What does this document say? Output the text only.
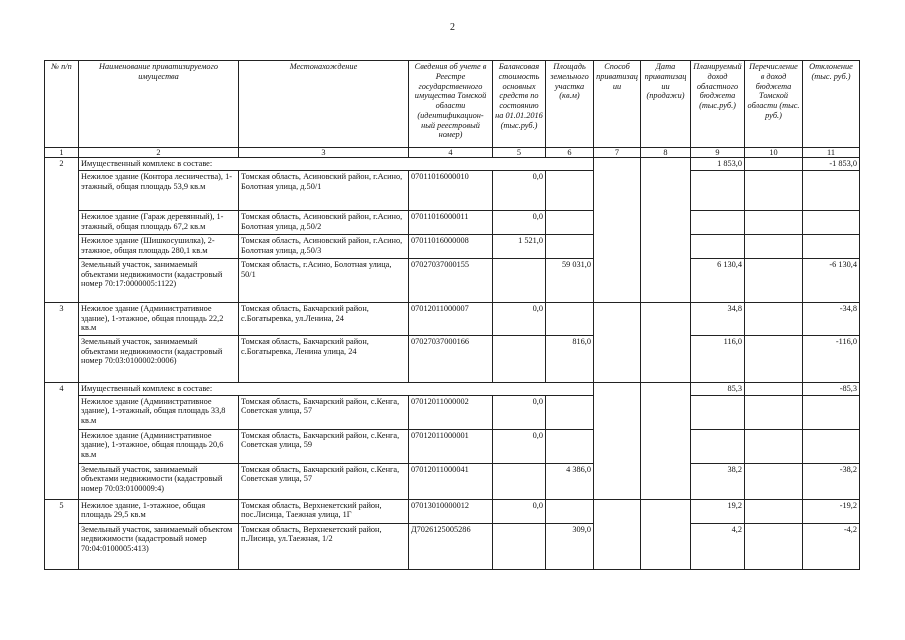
2
№ п/п	Наименование приватизируемого имущества	Местонахождение	Сведения об учете в Реестре государственного имущества Томской области (идентификацион-ный реестровый номер)	Балансовая стоимость основных средств по состоянию на 01.01.2016 (тыс.руб.)	Площадь земельного участка (кв.м)	Способ приватизац ии	Дата приватизац ии (продажи)	Планируемый доход областного бюджета (тыс.руб.)	Перечисление в доход бюджета Томской области (тыс. руб.)	Отклонение (тыс. руб.)
1	2	3	4	5	6	7	8	9	10	11
2	Имущественный комплекс в составе:							1 853,0		-1 853,0
	Нежилое здание (Контора лесничества), 1-этажный, общая площадь 53,9 кв.м	Томская область, Асиновский район, г.Асино, Болотная улица, д.50/1	07011016000010	0,0						
	Нежилое здание (Гараж деревянный), 1-этажный, общая площадь 67,2 кв.м	Томская область, Асиновский район, г.Асино, Болотная улица, д.50/2	07011016000011	0,0						
	Нежилое здание (Шишкосушилка), 2-этажное, общая площадь 280,1 кв.м	Томская область, Асиновский район, г.Асино, Болотная улица, д.50/3	07011016000008	1 521,0						
	Земельный участок, занимаемый объектами недвижимости (кадастровый номер 70:17:0000005:1122)	Томская область, г.Асино, Болотная улица, 50/1	07027037000155		59 031,0			6 130,4		-6 130,4
3	Нежилое здание (Административное здание), 1-этажное, общая площадь 22,2 кв.м	Томская область, Бакчарский район, с.Богатыревка, ул.Ленина, 24	07012011000007	0,0				34,8		-34,8
	Земельный участок, занимаемый объектами недвижимости (кадастровый номер 70:03:0100002:0006)	Томская область, Бакчарский район, с.Богатыревка, Ленина улица, 24	07027037000166		816,0			116,0		-116,0
4	Имущественный комплекс в составе:							85,3		-85,3
	Нежилое здание (Административное здание), 1-этажный, общая площадь 33,8 кв.м	Томская область, Бакчарский район, с.Кенга, Советская улица, 57	07012011000002	0,0						
	Нежилое здание (Административное здание), 1-этажное, общая площадь 20,6 кв.м	Томская область, Бакчарский район, с.Кенга, Советская улица, 59	07012011000001	0,0						
	Земельный участок, занимаемый объектами недвижимости (кадастровый номер 70:03:0100009:4)	Томская область, Бакчарский район, с.Кенга, Советская улица, 57	07012011000041		4 386,0			38,2		-38,2
5	Нежилое здание, 1-этажное, общая площадь 29,5 кв.м	Томская область, Верхнекетский район, пос.Лисица, Таежная улица, 1Г	07013010000012	0,0				19,2		-19,2
	Земельный участок, занимаемый объектом недвижимости (кадастровый номер 70:04:0100005:413)	Томская область, Верхнекетский район, п.Лисица, ул.Таежная, 1/2	Д7026125005286		309,0			4,2		-4,2
